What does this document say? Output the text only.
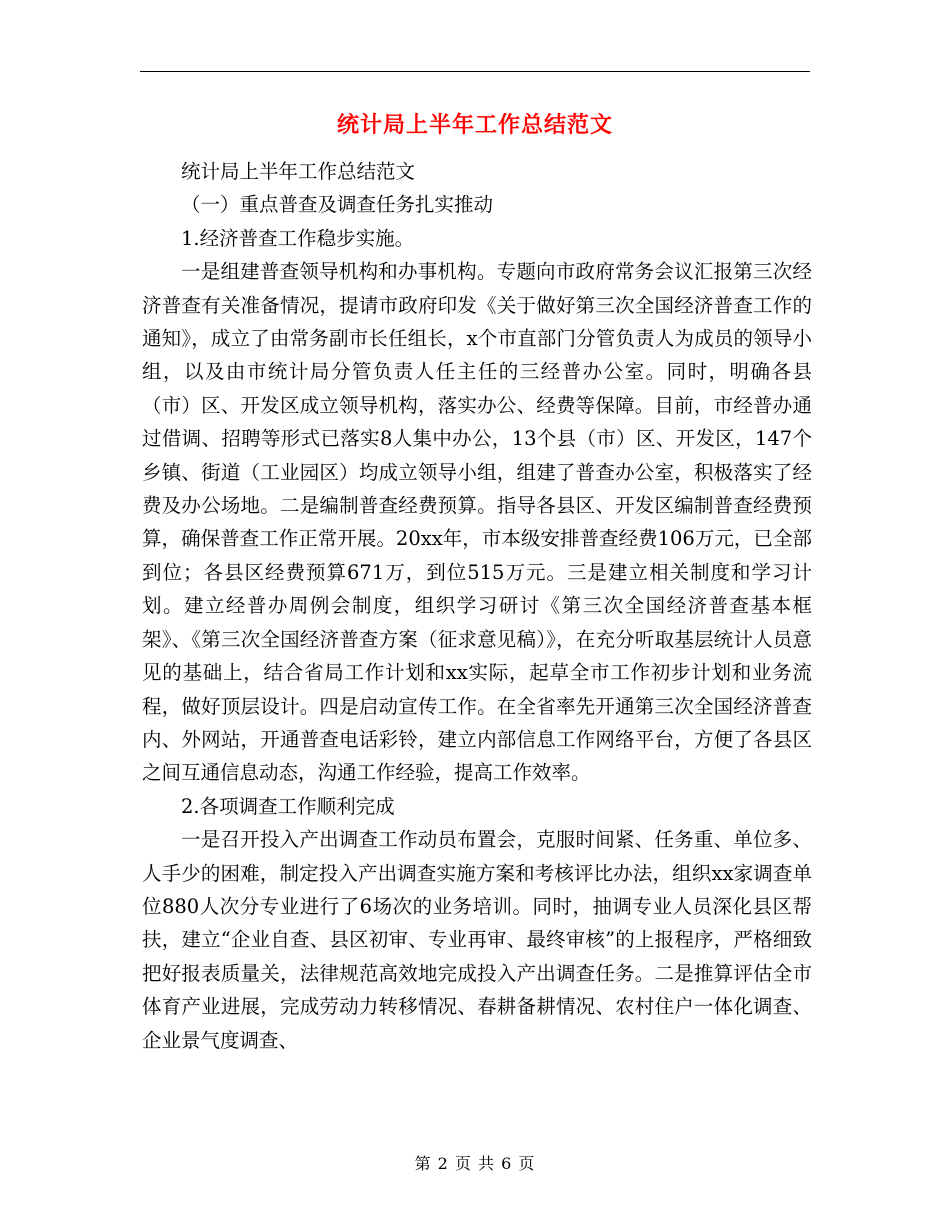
统计局上半年工作总结范文

统计局上半年工作总结范文

（一）重点普查及调查任务扎实推动

1.经济普查工作稳步实施。

一是组建普查领导机构和办事机构。专题向市政府常务会议汇报第三次经济普查有关准备情况，提请市政府印发《关于做好第三次全国经济普查工作的通知》，成立了由常务副市长任组长，x个市直部门分管负责人为成员的领导小组，以及由市统计局分管负责人任主任的三经普办公室。同时，明确各县（市）区、开发区成立领导机构，落实办公、经费等保障。目前，市经普办通过借调、招聘等形式已落实8人集中办公，13个县（市）区、开发区，147个乡镇、街道（工业园区）均成立领导小组，组建了普查办公室，积极落实了经费及办公场地。二是编制普查经费预算。指导各县区、开发区编制普查经费预算，确保普查工作正常开展。20xx年，市本级安排普查经费106万元，已全部到位；各县区经费预算671万，到位515万元。三是建立相关制度和学习计划。建立经普办周例会制度，组织学习研讨《第三次全国经济普查基本框架》、《第三次全国经济普查方案（征求意见稿）》，在充分听取基层统计人员意见的基础上，结合省局工作计划和xx实际，起草全市工作初步计划和业务流程，做好顶层设计。四是启动宣传工作。在全省率先开通第三次全国经济普查内、外网站，开通普查电话彩铃，建立内部信息工作网络平台，方便了各县区之间互通信息动态，沟通工作经验，提高工作效率。

2.各项调查工作顺利完成

一是召开投入产出调查工作动员布置会，克服时间紧、任务重、单位多、人手少的困难，制定投入产出调查实施方案和考核评比办法，组织xx家调查单位880人次分专业进行了6场次的业务培训。同时，抽调专业人员深化县区帮扶，建立“企业自查、县区初审、专业再审、最终审核”的上报程序，严格细致把好报表质量关，法律规范高效地完成投入产出调查任务。二是推算评估全市体育产业进展，完成劳动力转移情况、春耕备耕情况、农村住户一体化调查、企业景气度调查、

第 2 页 共 6 页
